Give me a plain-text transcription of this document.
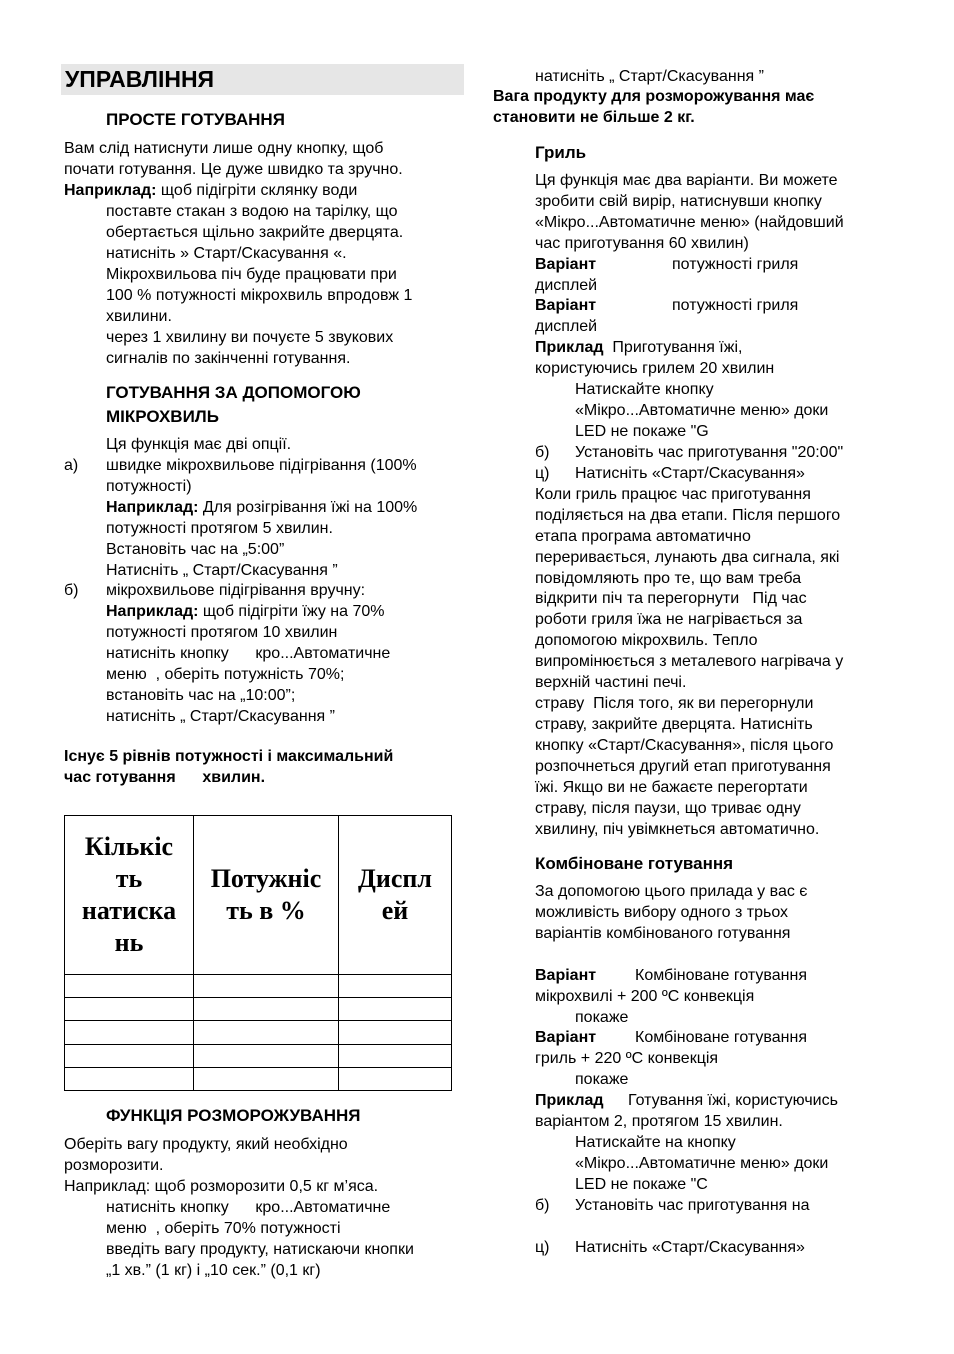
УПРАВЛІННЯ
ПРОСТЕ ГОТУВАННЯ
Вам слід натиснути лише одну кнопку, щоб
почати готування. Це дуже швидко та зручно.
Наприклад: щоб підігріти склянку води
поставте стакан з водою на тарілку, що
обертається щільно закрийте дверцята.
натисніть » Старт/Скасування «.
Мікрохвильова піч буде працювати при
100 % потужності мікрохвиль впродовж 1
хвилини.
через 1 хвилину ви почуєте 5 звукових
сигналів по закінченні готування.
ГОТУВАННЯ ЗА ДОПОМОГОЮ
МІКРОХВИЛЬ
Ця функція має дві опції.
а) швидке мікрохвильове підігрівання (100%
потужності)
Наприклад: Для розігрівання їжі на 100%
потужності протягом 5 хвилин.
Встановіть час на „5:00”
Натисніть „ Старт/Скасування ”
б) мікрохвильове підігрівання вручну:
Наприклад: щоб підігріти їжу на 70%
потужності протягом 10 хвилин
натисніть кнопку      кро...Автоматичне
меню  , оберіть потужність 70%;
встановіть час на „10:00”;
натисніть „ Старт/Скасування ”
Існує 5 рівнів потужності і максимальний
час готування      хвилин.
Кількіс ть натиска нь	Потужніс ть в %	Диспл ей

ФУНКЦІЯ РОЗМОРОЖУВАННЯ
Оберіть вагу продукту, який необхідно
розморозити.
Наприклад: щоб розморозити 0,5 кг м’яса.
натисніть кнопку      кро...Автоматичне
меню  , оберіть 70% потужності
введіть вагу продукту, натискаючи кнопки
„1 хв.” (1 кг) і „10 сек.” (0,1 кг)
натисніть „ Старт/Скасування ”
Вага продукту для розморожування має
становити не більше 2 кг.
Гриль
Ця функція має два варіанти. Ви можете
зробити свій вирір, натиснувши кнопку
«Мікро...Автоматичне меню» (найдовший
час приготування 60 хвилин)
Варіант	потужності гриля
дисплей
Варіант	потужності гриля
дисплей
Приклад  Приготування їжі,
користуючись грилем 20 хвилин
Натискайте кнопку
«Мікро...Автоматичне меню» доки
LED не покаже "G
б) Установіть час приготування "20:00"
ц) Натисніть «Старт/Скасування»
Коли гриль працює час приготування
поділяється на два етапи. Після першого
етапа програма автоматично
переривається, лунають два сигнала, які
повідомляють про те, що вам треба
відкрити піч та перегорнути   Під час
роботи гриля їжа не нагрівається за
допомогою мікрохвиль. Тепло
випромінюється з металевого нагрівача у
верхній частині печі.
страву  Після того, як ви перегорнули
страву, закрийте дверцята. Натисніть
кнопку «Старт/Скасування», після цього
розпочнеться другий етап приготування
їжі. Якщо ви не бажаєте перегортати
страву, після паузи, що триває одну
хвилину, піч увімкнеться автоматично.
Комбіноване готування
За допомогою цього прилада у вас є
можливість вибору одного з трьох
варіантів комбінованого готування
Варіант Комбіноване готування
мікрохвилі + 200 ºC конвекція
покаже
Варіант Комбіноване готування
гриль + 220 ºC конвекція
покаже
Приклад Готування їжі, користуючись
варіантом 2, протягом 15 хвилин.
Натискайте на кнопку
«Мікро...Автоматичне меню» доки
LED не покаже "C
б) Установіть час приготування на
ц) Натисніть «Старт/Скасування»
